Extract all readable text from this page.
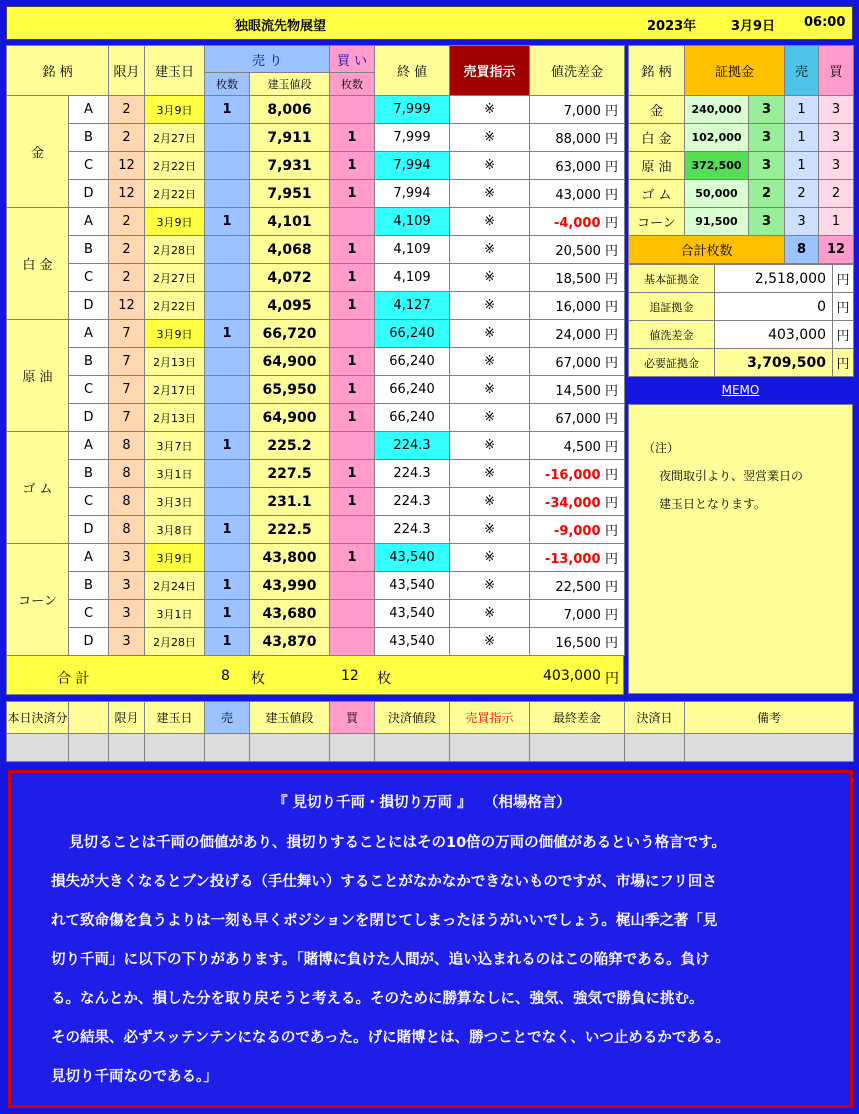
独眼流先物展望	2023年	3月9日 06:00
銘 柄		限月	建玉日	売 り		買 い	終 値	売買指示	値洗差金
				枚数	建玉値段	枚数			
金	A	2	3月9日	1	8,006		7,999	※	7,000 円
	B	2	2月27日		7,911	1	7,999	※	88,000 円
	C	12	2月22日		7,931	1	7,994	※	63,000 円
	D	12	2月22日		7,951	1	7,994	※	43,000 円
白 金	A	2	3月9日	1	4,101		4,109	※	-4,000 円
	B	2	2月28日		4,068	1	4,109	※	20,500 円
	C	2	2月27日		4,072	1	4,109	※	18,500 円
	D	12	2月22日		4,095	1	4,127	※	16,000 円
原 油	A	7	3月9日	1	66,720		66,240	※	24,000 円
	B	7	2月13日		64,900	1	66,240	※	67,000 円
	C	7	2月17日		65,950	1	66,240	※	14,500 円
	D	7	2月13日		64,900	1	66,240	※	67,000 円
ゴ ム	A	8	3月7日	1	225.2		224.3	※	4,500 円
	B	8	3月1日		227.5	1	224.3	※	-16,000 円
	C	8	3月3日		231.1	1	224.3	※	-34,000 円
	D	8	3月8日	1	222.5		224.3	※	-9,000 円
コーン	A	3	3月9日		43,800	1	43,540	※	-13,000 円
	B	3	2月24日	1	43,990		43,540	※	22,500 円
	C	3	3月1日	1	43,680		43,540	※	7,000 円
	D	3	2月28日	1	43,870		43,540	※	16,500 円
合 計	8 枚	12 枚	403,000 円
銘 柄	証拠金		売	買
金	240,000	3	1	3
白 金	102,000	3	1	3
原 油	372,500	3	1	3
ゴ ム	50,000	2	2	2
コーン	91,500	3	3	1
合計枚数			8	12
基本証拠金	2,518,000	円
追証拠金	0	円
値洗差金	403,000	円
必要証拠金	3,709,500	円
MEMO
（注）
夜間取引より、翌営業日の
建玉日となります。
本日決済分		限月	建玉日	売	建玉値段	買	決済値段	売買指示	最終差金	決済日	備考

『 見切り千両・損切り万両 』　 （相場格言）
見切ることは千両の価値があり、損切りすることにはその10倍の万両の価値があるという格言です。
損失が大きくなるとブン投げる（手仕舞い）することがなかなかできないものですが、市場にフリ回さ
れて致命傷を負うよりは一刻も早くポジションを閉じてしまったほうがいいでしょう。梶山季之著「見
切り千両」に以下の下りがあります。「賭博に負けた人間が、追い込まれるのはこの陥穽である。負け
る。なんとか、損した分を取り戻そうと考える。そのために勝算なしに、強気、強気で勝負に挑む。
その結果、必ずスッテンテンになるのであった。げに賭博とは、勝つことでなく、いつ止めるかである。
見切り千両なのである。」
